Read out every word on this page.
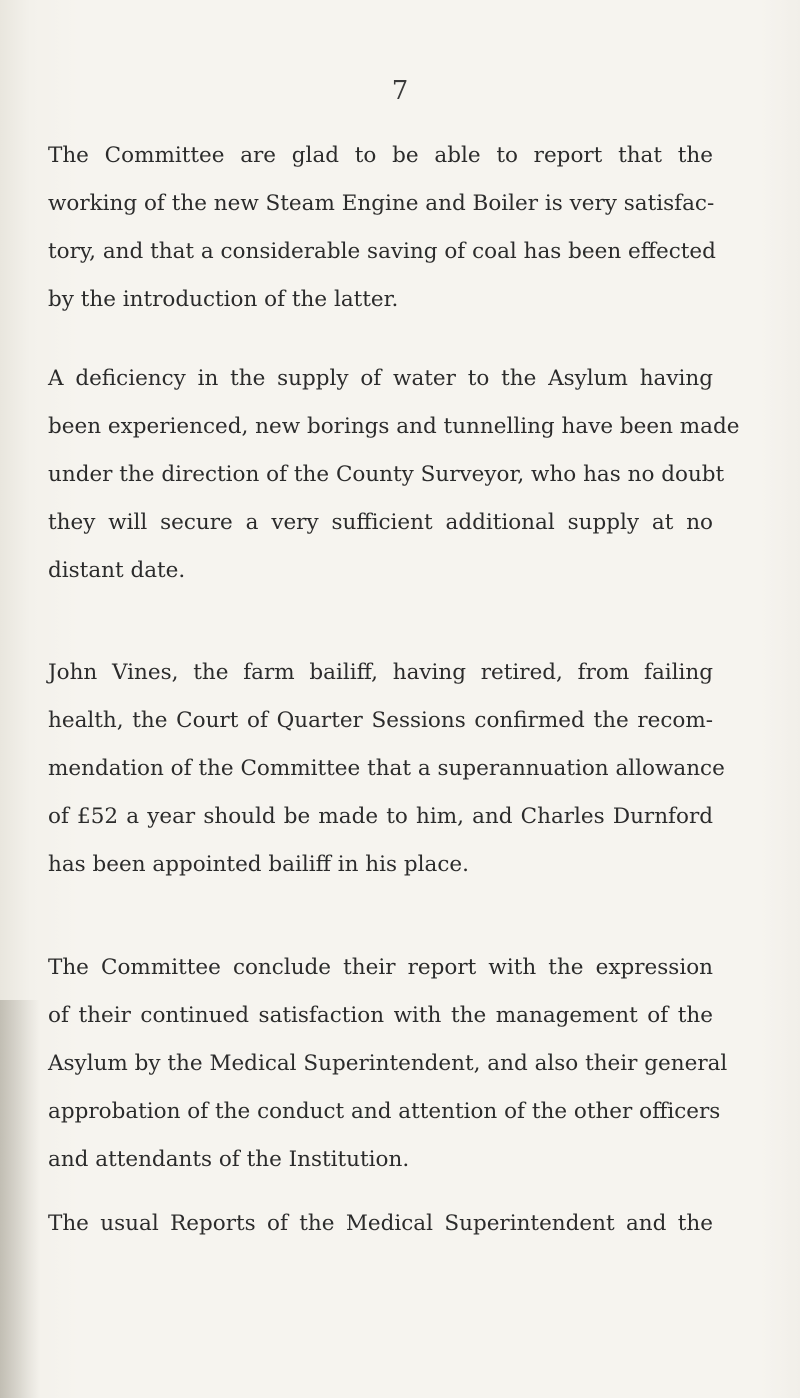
7
The Committee are glad to be able to report that the
working of the new Steam Engine and Boiler is very satisfac-
tory, and that a considerable saving of coal has been effected
by the introduction of the latter.
A deficiency in the supply of water to the Asylum having
been experienced, new borings and tunnelling have been made
under the direction of the County Surveyor, who has no doubt
they will secure a very sufficient additional supply at no
distant date.
John Vines, the farm bailiff, having retired, from failing
health, the Court of Quarter Sessions confirmed the recom-
mendation of the Committee that a superannuation allowance
of £52 a year should be made to him, and Charles Durnford
has been appointed bailiff in his place.
The Committee conclude their report with the expression
of their continued satisfaction with the management of the
Asylum by the Medical Superintendent, and also their general
approbation of the conduct and attention of the other officers
and attendants of the Institution.
The usual Reports of the Medical Superintendent and the
